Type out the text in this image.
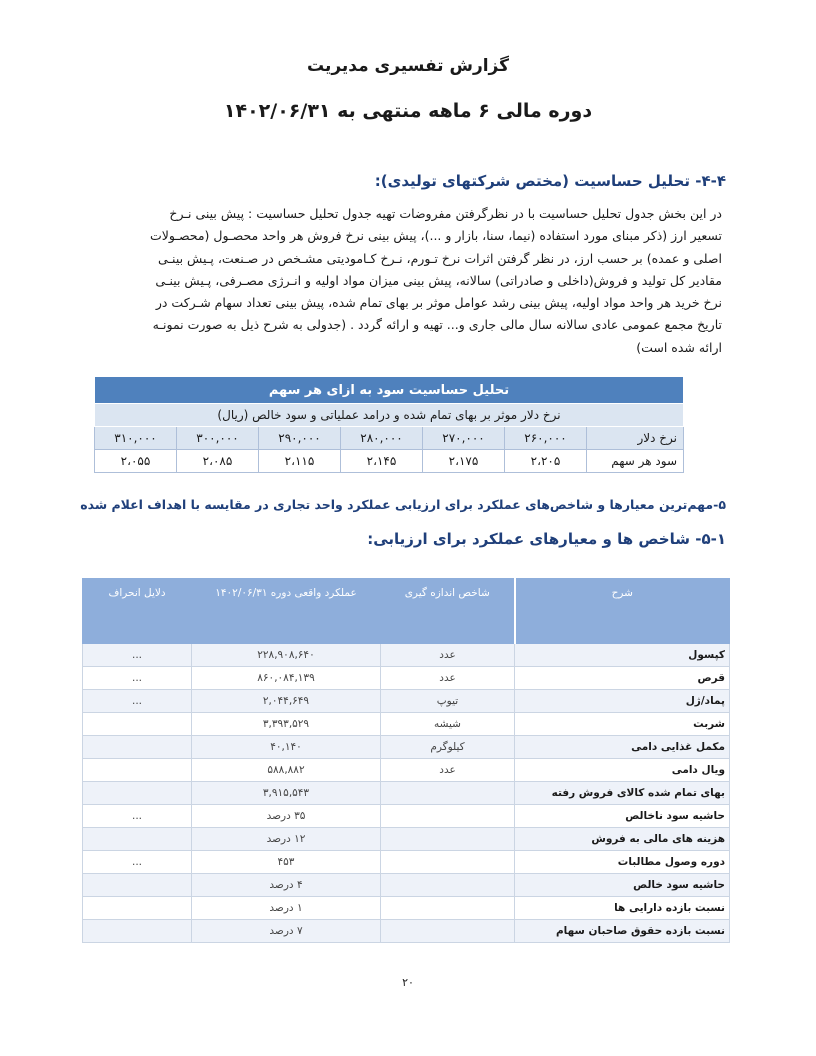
گزارش تفسیری مدیریت
دوره مالی ۶ ماهه منتهی به ۱۴۰۲/۰۶/۳۱
۴-۴- تحلیل حساسیت (مختص شرکتهای تولیدی):
در این بخش جدول تحلیل حساسیت با در نظرگرفتن مفروضات تهیه جدول تحلیل حساسیت : پیش بینی نـرخ
تسعیر ارز (ذکر مبنای مورد استفاده (نیما، سنا، بازار و ...)، پیش بینی نرخ فروش هر واحد محصـول (محصـولات
اصلی و عمده) بر حسب ارز، در نظر گرفتن اثرات نرخ تـورم، نـرخ کـامودیتی مشـخص در صـنعت، پـیش بینـی
مقادیر کل تولید و فروش(داخلی و صادراتی) سالانه، پیش بینی میزان مواد اولیه و انـرژی مصـرفی، پـیش بینـی
نرخ خرید هر واحد مواد اولیه، پیش بینی رشد عوامل موثر بر بهای تمام شده، پیش بینی تعداد سهام شـرکت در
تاریخ مجمع عمومی عادی سالانه سال مالی جاری و... تهیه و ارائه گردد . (جدولی به شرح ذیل به صورت نمونـه
ارائه شده است)
تحلیل حساسیت سود به ازای هر سهم						
نرخ دلار موثر بر بهای تمام شده و درامد عملیاتی و سود خالص (ریال)						
نرخ دلار	۲۶۰,۰۰۰	۲۷۰,۰۰۰	۲۸۰,۰۰۰	۲۹۰,۰۰۰	۳۰۰,۰۰۰	۳۱۰,۰۰۰
سود هر سهم	۲،۲۰۵	۲،۱۷۵	۲،۱۴۵	۲،۱۱۵	۲،۰۸۵	۲،۰۵۵
۵-مهم‌ترین معیارها و شاخص‌های عملکرد برای ارزیابی عملکرد واحد تجاری در مقایسه با اهداف اعلام شده
۵-۱- شاخص ها و معیارهای عملکرد برای ارزیابی:
شرح	شاخص اندازه گیری	عملکرد واقعی دوره ۱۴۰۲/۰۶/۳۱	دلایل انحراف
کپسول	عدد	۲۲۸,۹۰۸,۶۴۰	...
قرص	عدد	۸۶۰,۰۸۴,۱۳۹	...
پماد/ژل	تیوپ	۲,۰۴۴,۶۴۹	...
شربت	شیشه	۳,۳۹۳,۵۲۹	
مکمل غذایی دامی	کیلوگرم	۴۰,۱۴۰	
ویال دامی	عدد	۵۸۸,۸۸۲	
بهای تمام شده کالای فروش رفته		۳,۹۱۵,۵۴۳	
حاشیه سود ناخالص		۳۵ درصد	...
هزینه های مالی به فروش		۱۲ درصد	
دوره وصول مطالبات		۴۵۳	...
حاشیه سود خالص		۴ درصد	
نسبت بازده دارایی ها		۱ درصد	
نسبت بازده حقوق صاحبان سهام		۷ درصد	
۲۰
